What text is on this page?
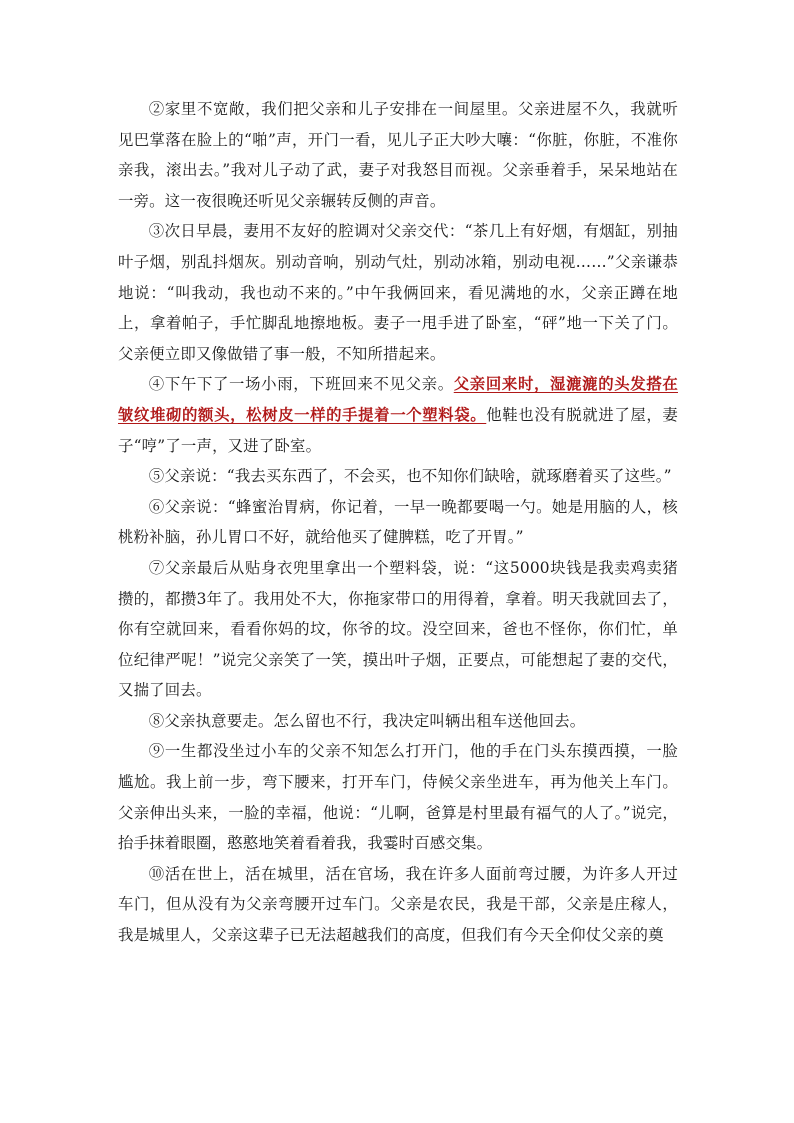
②家里不宽敞，我们把父亲和儿子安排在一间屋里。父亲进屋不久，我就听见巴掌落在脸上的“啪”声，开门一看，见儿子正大吵大嚷：“你脏，你脏，不准你亲我，滚出去。”我对儿子动了武，妻子对我怒目而视。父亲垂着手，呆呆地站在一旁。这一夜很晚还听见父亲辗转反侧的声音。

③次日早晨，妻用不友好的腔调对父亲交代：“茶几上有好烟，有烟缸，别抽叶子烟，别乱抖烟灰。别动音响，别动气灶，别动冰箱，别动电视……”父亲谦恭地说：“叫我动，我也动不来的。”中午我俩回来，看见满地的水，父亲正蹲在地上，拿着帕子，手忙脚乱地擦地板。妻子一甩手进了卧室，“砰”地一下关了门。父亲便立即又像做错了事一般，不知所措起来。

④下午下了一场小雨，下班回来不见父亲。父亲回来时，湿漉漉的头发搭在皱纹堆砌的额头，松树皮一样的手提着一个塑料袋。他鞋也没有脱就进了屋，妻子“哼”了一声，又进了卧室。

⑤父亲说：“我去买东西了，不会买，也不知你们缺啥，就琢磨着买了这些。”

⑥父亲说：“蜂蜜治胃病，你记着，一早一晚都要喝一勺。她是用脑的人，核桃粉补脑，孙儿胃口不好，就给他买了健脾糕，吃了开胃。”

⑦父亲最后从贴身衣兜里拿出一个塑料袋，说：“这5000块钱是我卖鸡卖猪攒的，都攒3年了。我用处不大，你拖家带口的用得着，拿着。明天我就回去了，你有空就回来，看看你妈的坟，你爷的坟。没空回来，爸也不怪你，你们忙，单位纪律严呢！”说完父亲笑了一笑，摸出叶子烟，正要点，可能想起了妻的交代，又揣了回去。

⑧父亲执意要走。怎么留也不行，我决定叫辆出租车送他回去。

⑨一生都没坐过小车的父亲不知怎么打开门，他的手在门头东摸西摸，一脸尴尬。我上前一步，弯下腰来，打开车门，侍候父亲坐进车，再为他关上车门。父亲伸出头来，一脸的幸福，他说：“儿啊，爸算是村里最有福气的人了。”说完，抬手抹着眼圈，憨憨地笑着看着我，我霎时百感交集。

⑩活在世上，活在城里，活在官场，我在许多人面前弯过腰，为许多人开过车门，但从没有为父亲弯腰开过车门。父亲是农民，我是干部，父亲是庄稼人，我是城里人，父亲这辈子已无法超越我们的高度，但我们有今天全仰仗父亲的奠
